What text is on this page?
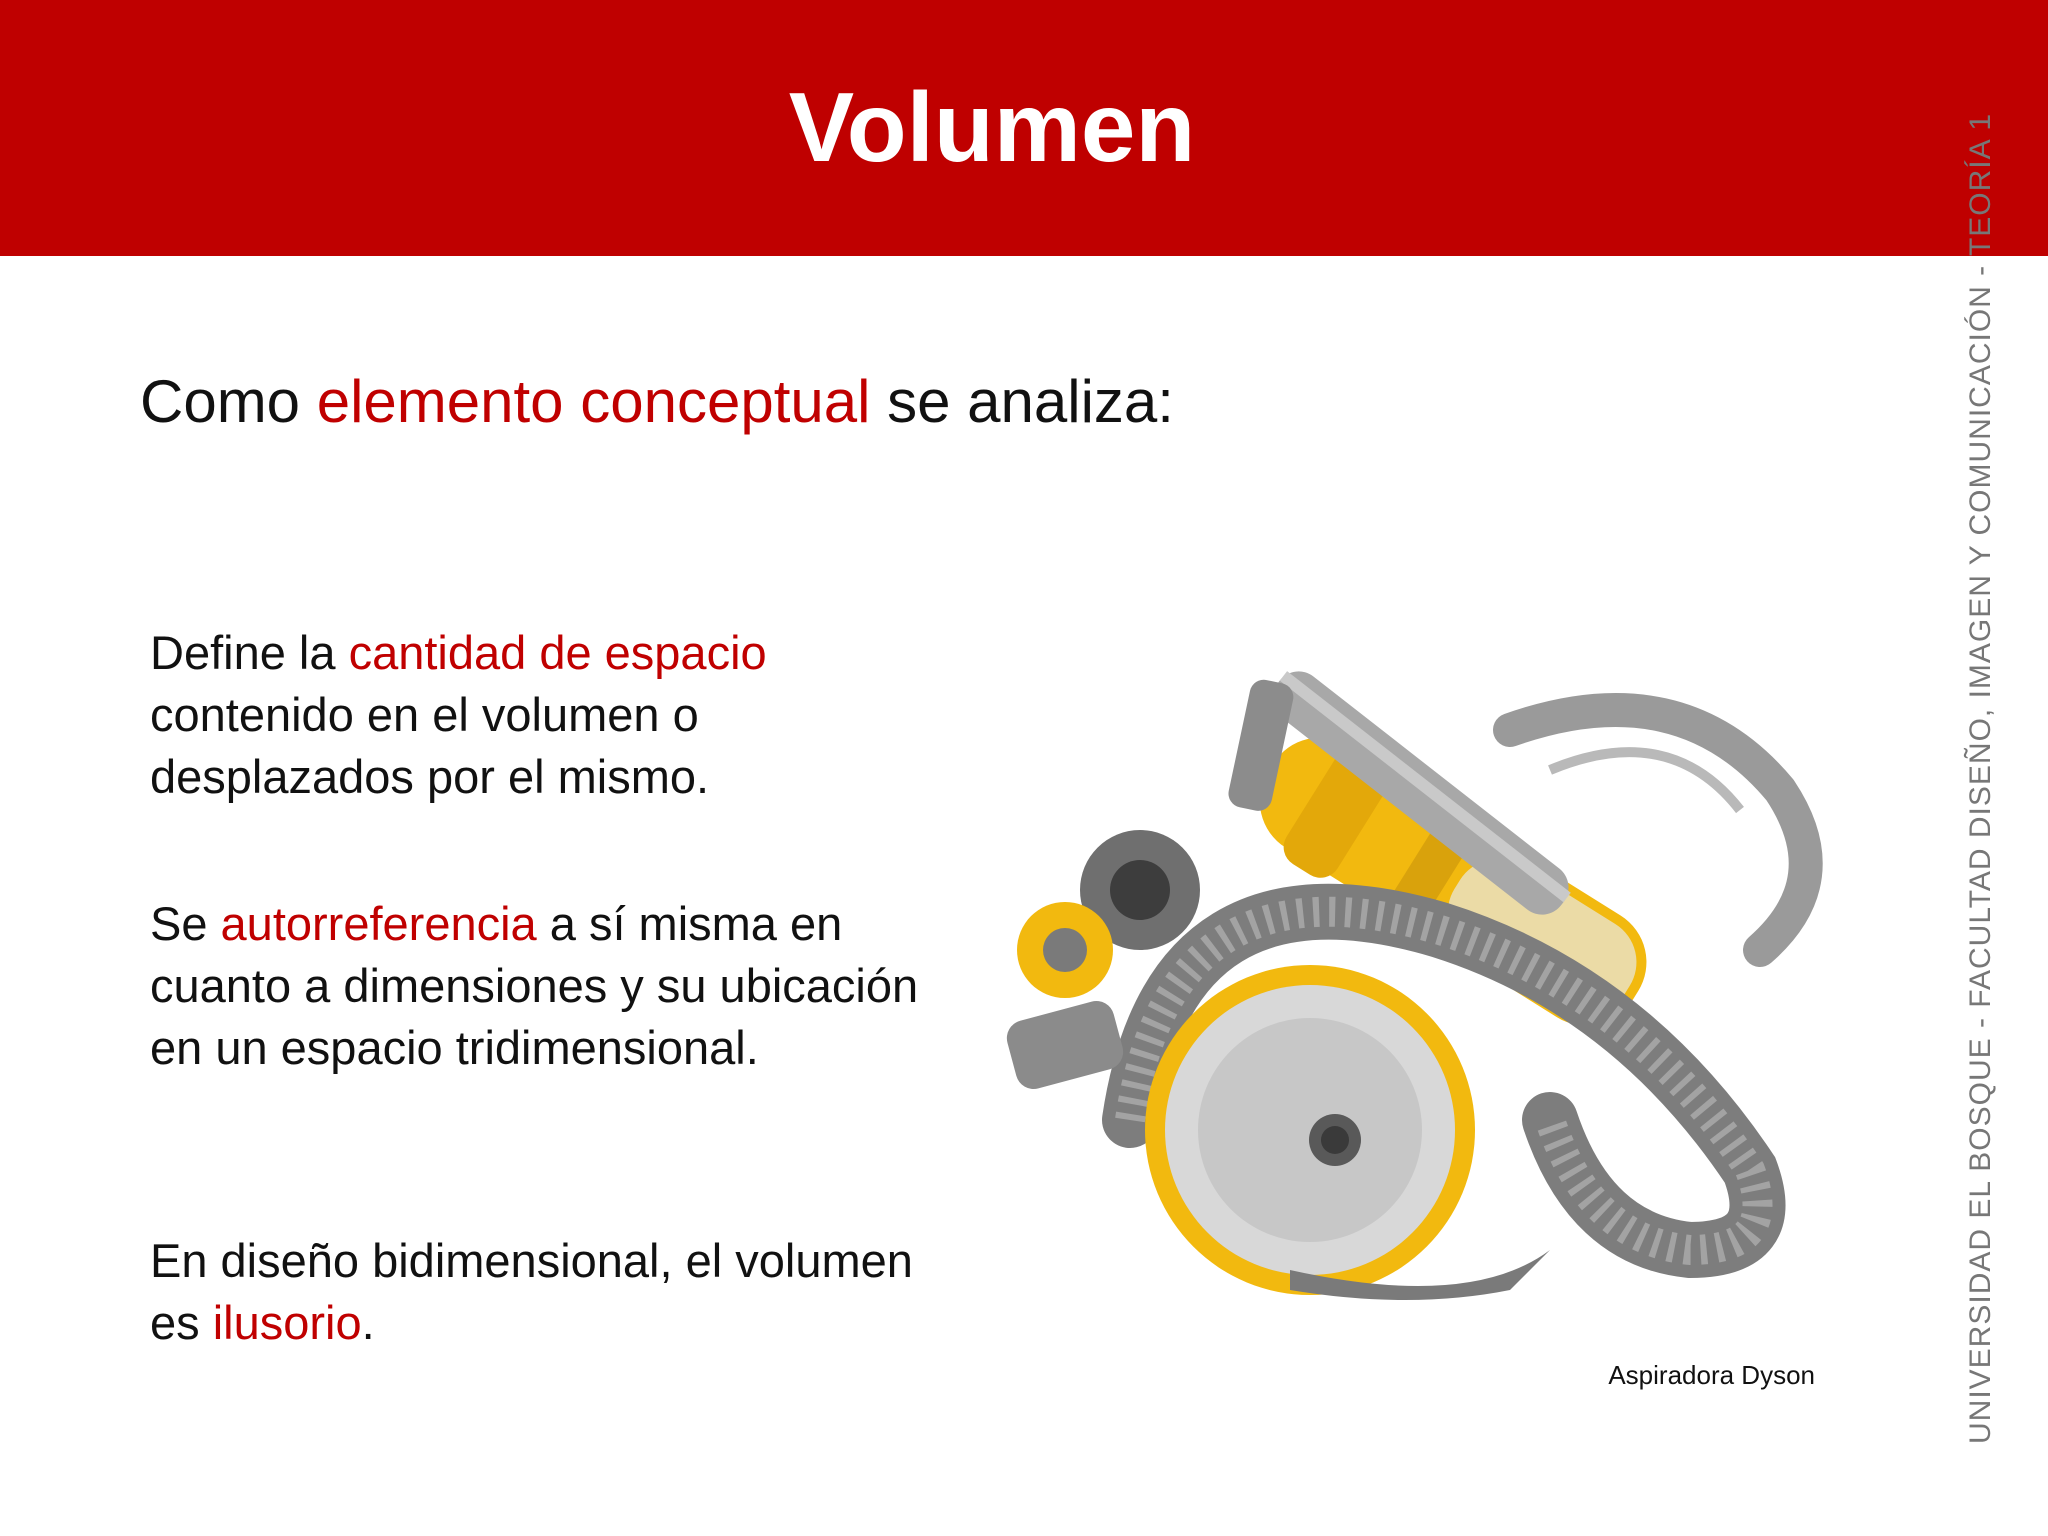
Volumen
Como elemento conceptual se analiza:
Define la cantidad de espacio contenido en el volumen o desplazados por el mismo.
Se autorreferencia a sí misma en cuanto a dimensiones y su ubicación en un espacio tridimensional.
En diseño bidimensional, el volumen es ilusorio.
Aspiradora Dyson	UNIVERSIDAD EL BOSQUE - FACULTAD DISEÑO, IMAGEN Y COMUNICACIÓN - TEORÍA 1
